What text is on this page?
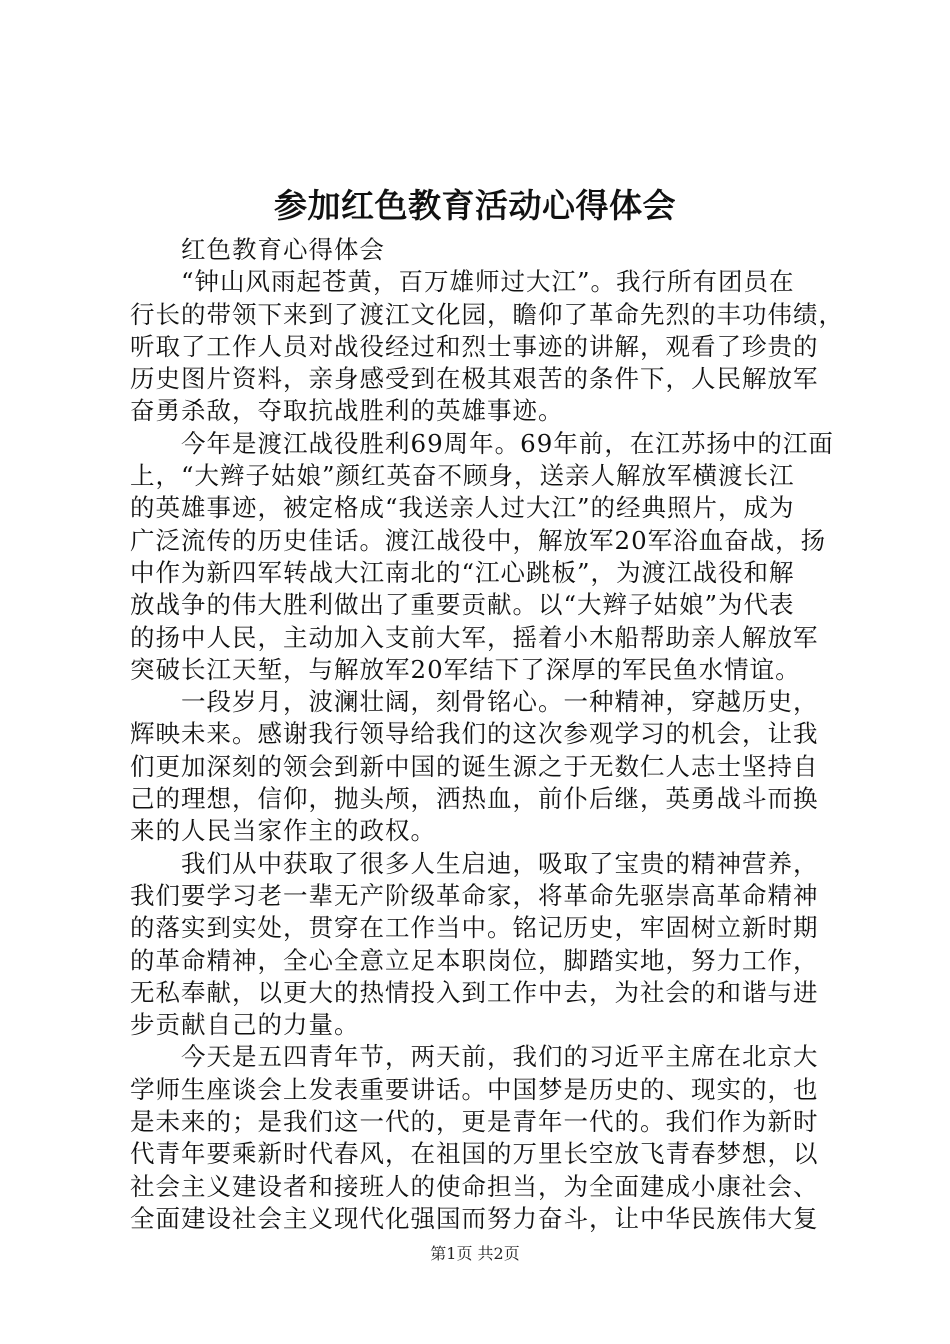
参加红色教育活动心得体会

红色教育心得体会

“钟山风雨起苍黄，百万雄师过大江”。我行所有团员在

行长的带领下来到了渡江文化园，瞻仰了革命先烈的丰功伟绩，

听取了工作人员对战役经过和烈士事迹的讲解，观看了珍贵的

历史图片资料，亲身感受到在极其艰苦的条件下，人民解放军

奋勇杀敌，夺取抗战胜利的英雄事迹。

今年是渡江战役胜利69周年。69年前，在江苏扬中的江面

上，“大辫子姑娘”颜红英奋不顾身，送亲人解放军横渡长江

的英雄事迹，被定格成“我送亲人过大江”的经典照片，成为

广泛流传的历史佳话。渡江战役中，解放军20军浴血奋战，扬

中作为新四军转战大江南北的“江心跳板”，为渡江战役和解

放战争的伟大胜利做出了重要贡献。以“大辫子姑娘”为代表

的扬中人民，主动加入支前大军，摇着小木船帮助亲人解放军

突破长江天堑，与解放军20军结下了深厚的军民鱼水情谊。

一段岁月，波澜壮阔，刻骨铭心。一种精神，穿越历史，

辉映未来。感谢我行领导给我们的这次参观学习的机会，让我

们更加深刻的领会到新中国的诞生源之于无数仁人志士坚持自

己的理想，信仰，抛头颅，洒热血，前仆后继，英勇战斗而换

来的人民当家作主的政权。

我们从中获取了很多人生启迪，吸取了宝贵的精神营养，

我们要学习老一辈无产阶级革命家，将革命先驱崇高革命精神

的落实到实处，贯穿在工作当中。铭记历史，牢固树立新时期

的革命精神，全心全意立足本职岗位，脚踏实地，努力工作，

无私奉献，以更大的热情投入到工作中去，为社会的和谐与进

步贡献自己的力量。

今天是五四青年节，两天前，我们的习近平主席在北京大

学师生座谈会上发表重要讲话。中国梦是历史的、现实的，也

是未来的；是我们这一代的，更是青年一代的。我们作为新时

代青年要乘新时代春风，在祖国的万里长空放飞青春梦想，以

社会主义建设者和接班人的使命担当，为全面建成小康社会、

全面建设社会主义现代化强国而努力奋斗，让中华民族伟大复

第1页 共2页
